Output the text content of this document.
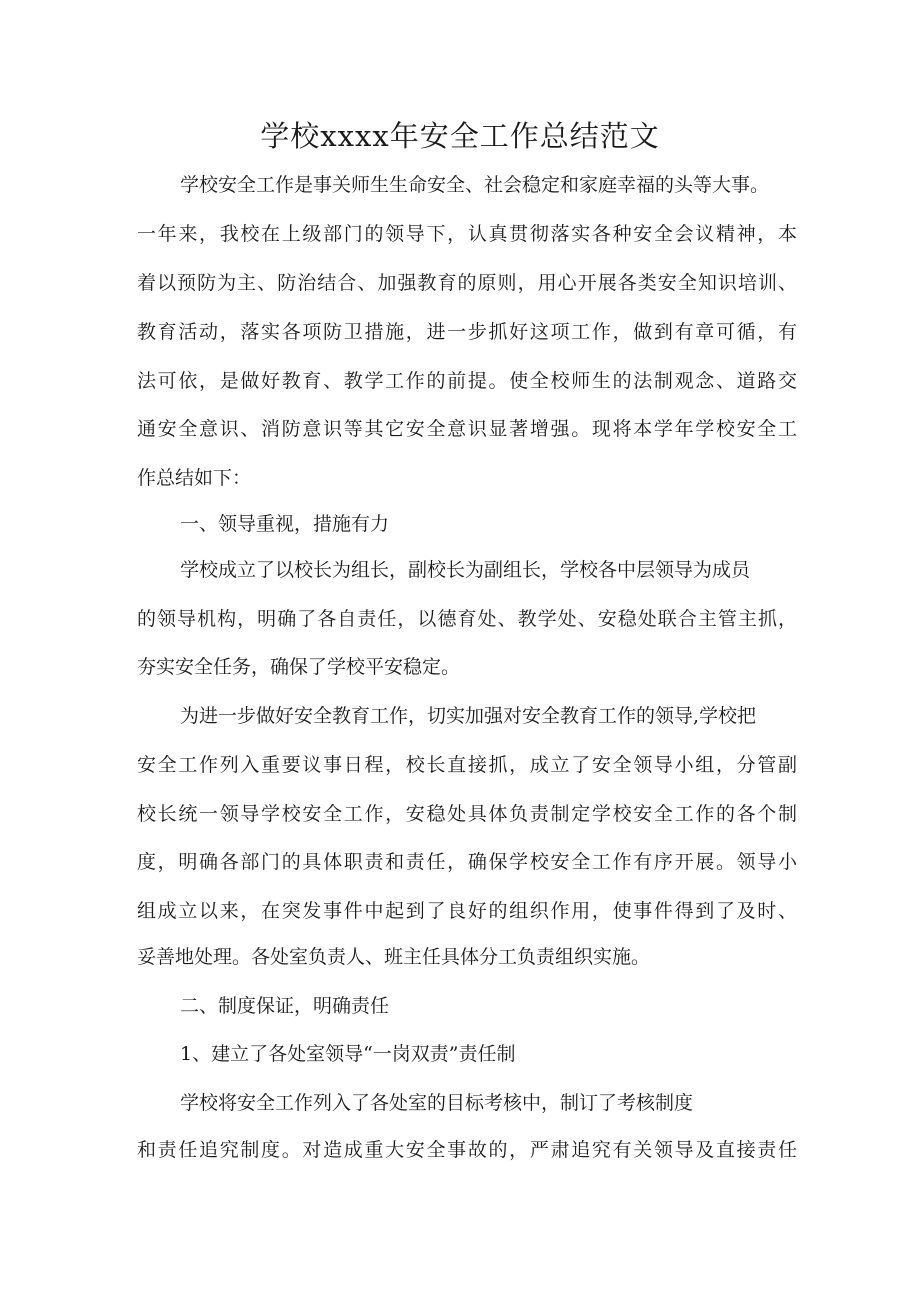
学校xxxx年安全工作总结范文

学校安全工作是事关师生生命安全、社会稳定和家庭幸福的头等大事。

一年来，我校在上级部门的领导下，认真贯彻落实各种安全会议精神，本

着以预防为主、防治结合、加强教育的原则，用心开展各类安全知识培训、

教育活动，落实各项防卫措施，进一步抓好这项工作，做到有章可循，有

法可依，是做好教育、教学工作的前提。使全校师生的法制观念、道路交

通安全意识、消防意识等其它安全意识显著增强。现将本学年学校安全工

作总结如下：

一、领导重视，措施有力

学校成立了以校长为组长，副校长为副组长，学校各中层领导为成员

的领导机构，明确了各自责任，以德育处、教学处、安稳处联合主管主抓，

夯实安全任务，确保了学校平安稳定。

为进一步做好安全教育工作，切实加强对安全教育工作的领导,学校把

安全工作列入重要议事日程，校长直接抓，成立了安全领导小组，分管副

校长统一领导学校安全工作，安稳处具体负责制定学校安全工作的各个制

度，明确各部门的具体职责和责任，确保学校安全工作有序开展。领导小

组成立以来，在突发事件中起到了良好的组织作用，使事件得到了及时、

妥善地处理。各处室负责人、班主任具体分工负责组织实施。

二、制度保证，明确责任

1、建立了各处室领导“一岗双责”责任制

学校将安全工作列入了各处室的目标考核中，制订了考核制度

和责任追究制度。对造成重大安全事故的，严肃追究有关领导及直接责任
